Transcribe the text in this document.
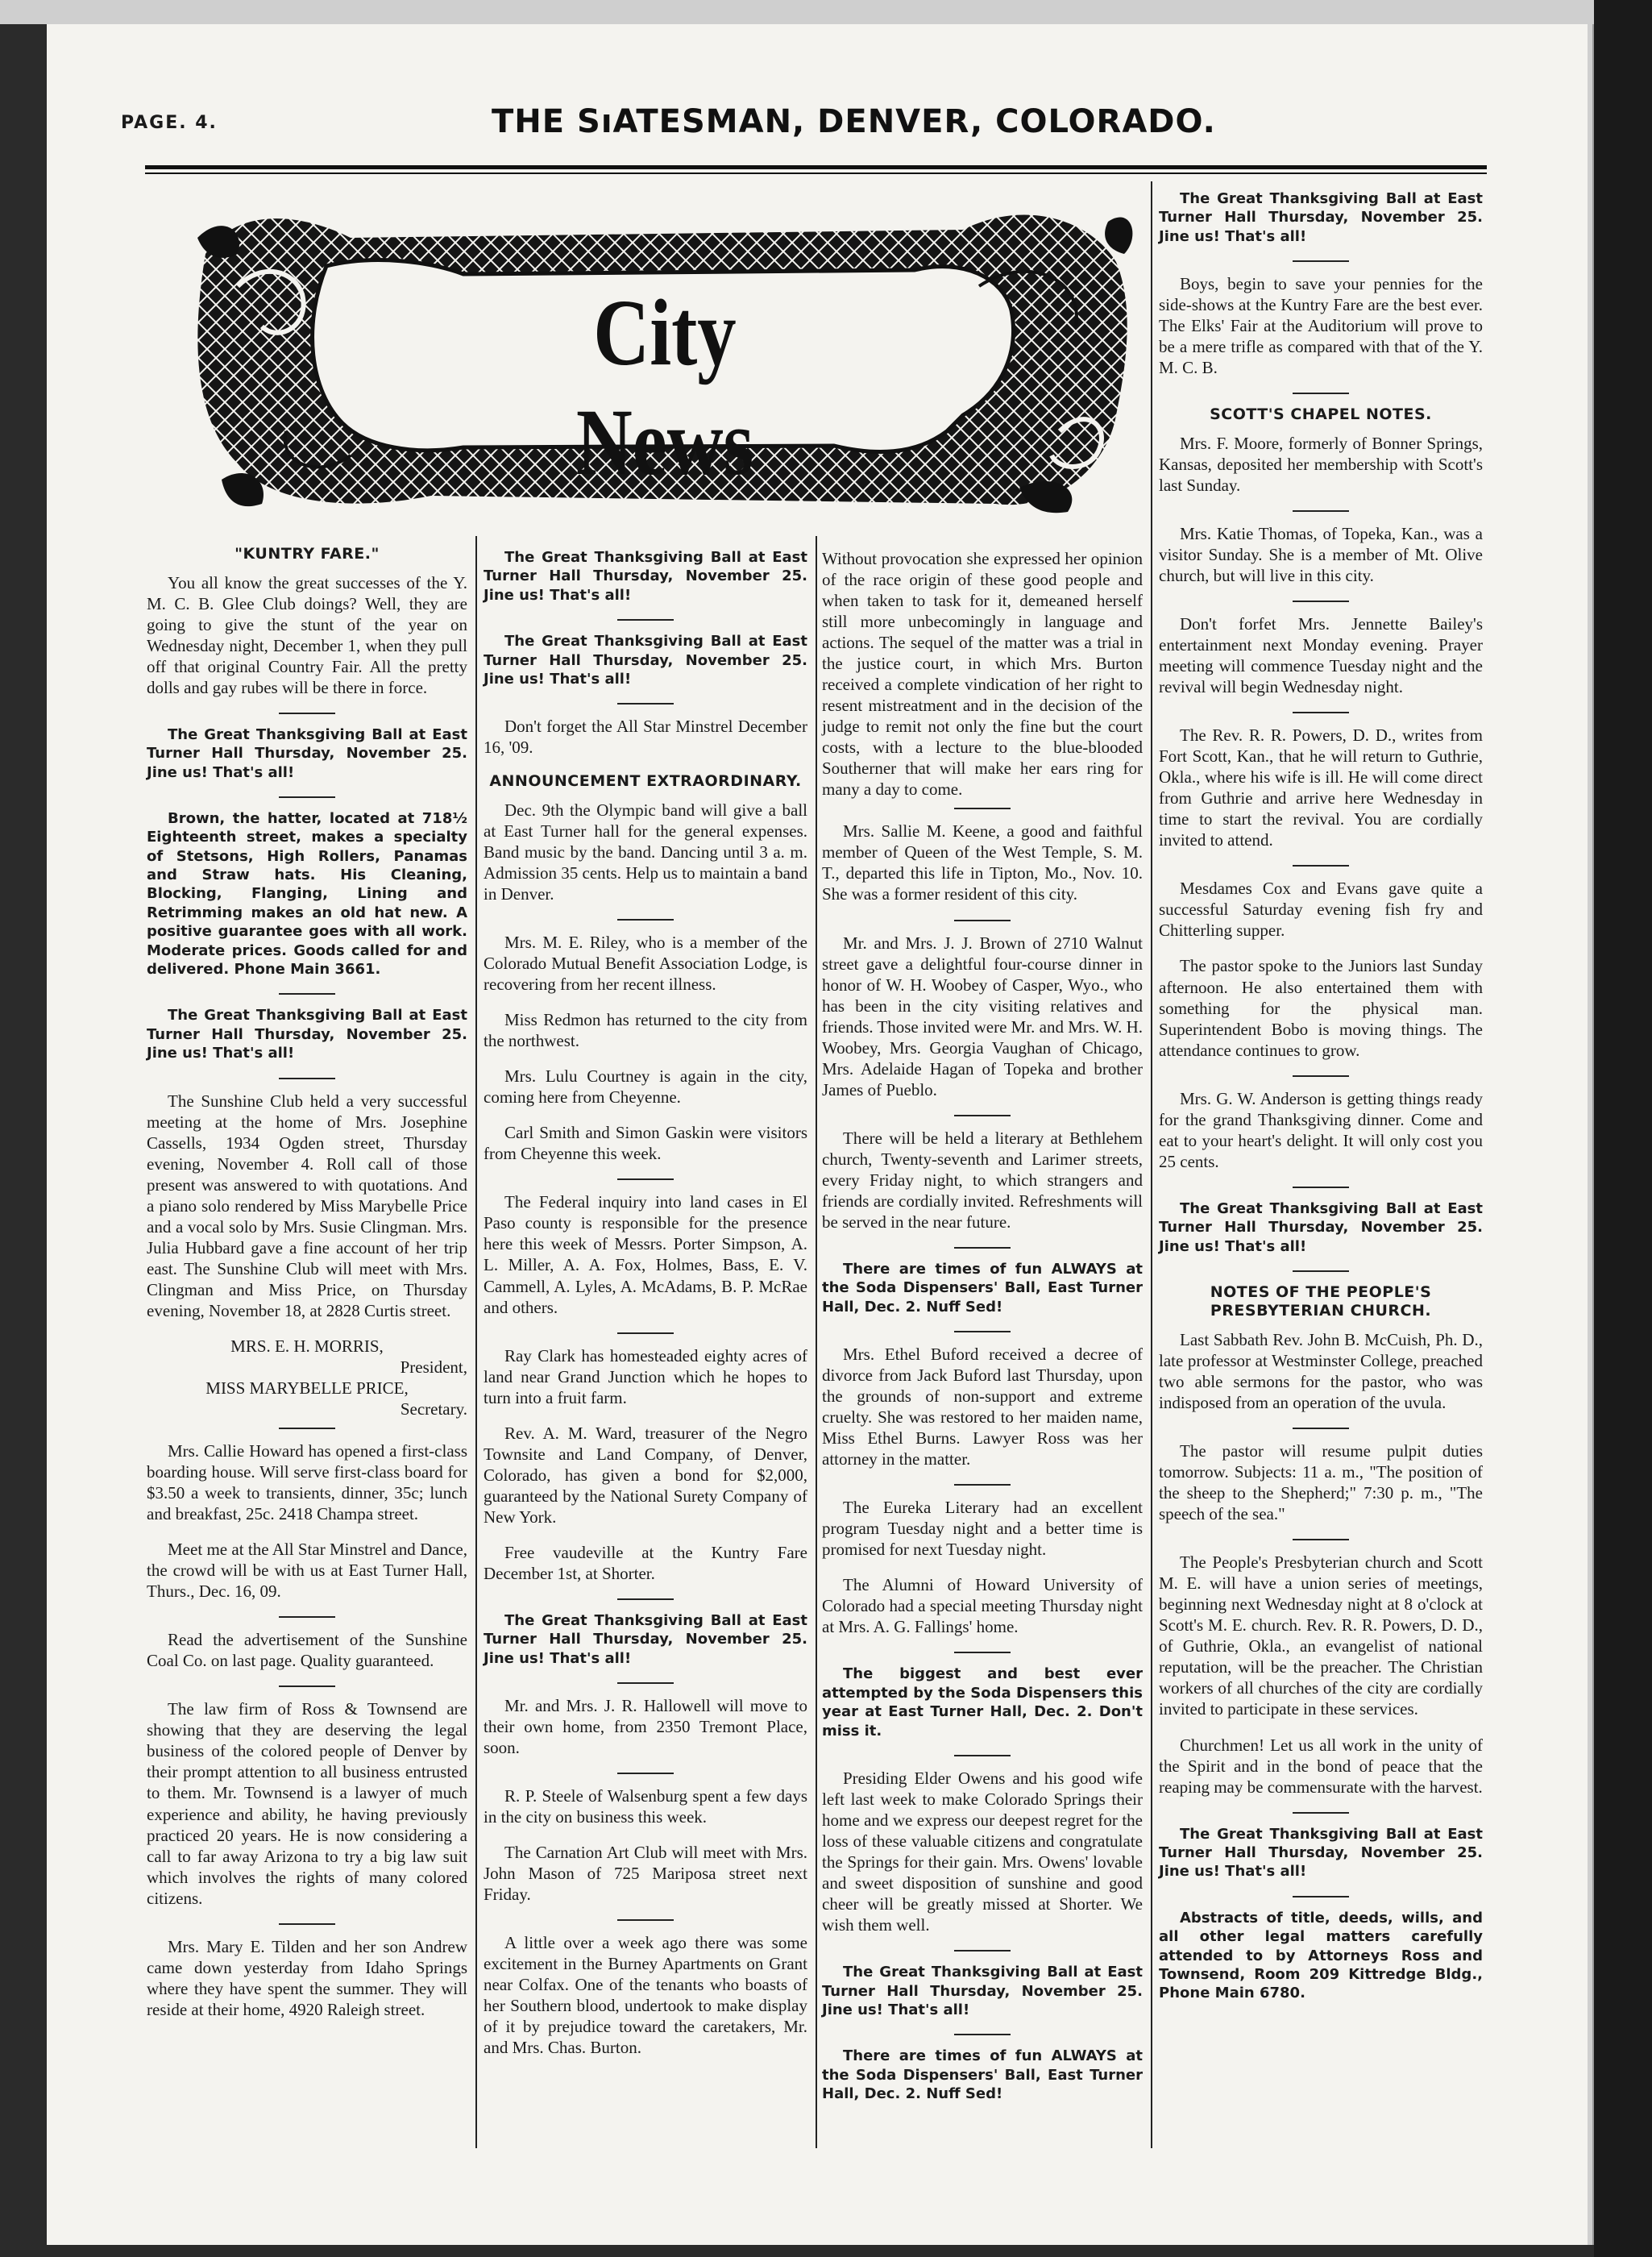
PAGE. 4.	THE SıATESMAN, DENVER, COLORADO.
City News
"KUNTRY FARE."

You all know the great successes of the Y. M. C. B. Glee Club doings? Well, they are going to give the stunt of the year on Wednesday night, December 1, when they pull off that original Country Fair. All the pretty dolls and gay rubes will be there in force.

The Great Thanksgiving Ball at East Turner Hall Thursday, November 25. Jine us! That's all!

Brown, the hatter, located at 718½ Eighteenth street, makes a specialty of Stetsons, High Rollers, Panamas and Straw hats. His Cleaning, Blocking, Flanging, Lining and Retrimming makes an old hat new. A positive guarantee goes with all work. Moderate prices. Goods called for and delivered. Phone Main 3661.

The Great Thanksgiving Ball at East Turner Hall Thursday, November 25. Jine us! That's all!

The Sunshine Club held a very successful meeting at the home of Mrs. Josephine Cassells, 1934 Ogden street, Thursday evening, November 4. Roll call of those present was answered to with quotations. And a piano solo rendered by Miss Marybelle Price and a vocal solo by Mrs. Susie Clingman. Mrs. Julia Hubbard gave a fine account of her trip east. The Sunshine Club will meet with Mrs. Clingman and Miss Price, on Thursday evening, November 18, at 2828 Curtis street.

MRS. E. H. MORRIS,

President,

MISS MARYBELLE PRICE,

Secretary.

Mrs. Callie Howard has opened a first-class boarding house. Will serve first-class board for $3.50 a week to transients, dinner, 35c; lunch and breakfast, 25c. 2418 Champa street.

Meet me at the All Star Minstrel and Dance, the crowd will be with us at East Turner Hall, Thurs., Dec. 16, 09.

Read the advertisement of the Sunshine Coal Co. on last page. Quality guaranteed.

The law firm of Ross & Townsend are showing that they are deserving the legal business of the colored people of Denver by their prompt attention to all business entrusted to them. Mr. Townsend is a lawyer of much experience and ability, he having previously practiced 20 years. He is now considering a call to far away Arizona to try a big law suit which involves the rights of many colored citizens.

Mrs. Mary E. Tilden and her son Andrew came down yesterday from Idaho Springs where they have spent the summer. They will reside at their home, 4920 Raleigh street.

The Great Thanksgiving Ball at East Turner Hall Thursday, November 25. Jine us! That's all!

The Great Thanksgiving Ball at East Turner Hall Thursday, November 25. Jine us! That's all!

Don't forget the All Star Minstrel December 16, '09.

ANNOUNCEMENT EXTRAORDINARY.

Dec. 9th the Olympic band will give a ball at East Turner hall for the general expenses. Band music by the band. Dancing until 3 a. m. Admission 35 cents. Help us to maintain a band in Denver.

Mrs. M. E. Riley, who is a member of the Colorado Mutual Benefit Association Lodge, is recovering from her recent illness.

Miss Redmon has returned to the city from the northwest.

Mrs. Lulu Courtney is again in the city, coming here from Cheyenne.

Carl Smith and Simon Gaskin were visitors from Cheyenne this week.

The Federal inquiry into land cases in El Paso county is responsible for the presence here this week of Messrs. Porter Simpson, A. L. Miller, A. A. Fox, Holmes, Bass, E. V. Cammell, A. Lyles, A. McAdams, B. P. McRae and others.

Ray Clark has homesteaded eighty acres of land near Grand Junction which he hopes to turn into a fruit farm.

Rev. A. M. Ward, treasurer of the Negro Townsite and Land Company, of Denver, Colorado, has given a bond for $2,000, guaranteed by the National Surety Company of New York.

Free vaudeville at the Kuntry Fare December 1st, at Shorter.

The Great Thanksgiving Ball at East Turner Hall Thursday, November 25. Jine us! That's all!

Mr. and Mrs. J. R. Hallowell will move to their own home, from 2350 Tremont Place, soon.

R. P. Steele of Walsenburg spent a few days in the city on business this week.

The Carnation Art Club will meet with Mrs. John Mason of 725 Mariposa street next Friday.

A little over a week ago there was some excitement in the Burney Apartments on Grant near Colfax. One of the tenants who boasts of her Southern blood, undertook to make display of it by prejudice toward the caretakers, Mr. and Mrs. Chas. Burton.

Without provocation she expressed her opinion of the race origin of these good people and when taken to task for it, demeaned herself still more unbecomingly in language and actions. The sequel of the matter was a trial in the justice court, in which Mrs. Burton received a complete vindication of her right to resent mistreatment and in the decision of the judge to remit not only the fine but the court costs, with a lecture to the blue-blooded Southerner that will make her ears ring for many a day to come.

Mrs. Sallie M. Keene, a good and faithful member of Queen of the West Temple, S. M. T., departed this life in Tipton, Mo., Nov. 10. She was a former resident of this city.

Mr. and Mrs. J. J. Brown of 2710 Walnut street gave a delightful four-course dinner in honor of W. H. Woobey of Casper, Wyo., who has been in the city visiting relatives and friends. Those invited were Mr. and Mrs. W. H. Woobey, Mrs. Georgia Vaughan of Chicago, Mrs. Adelaide Hagan of Topeka and brother James of Pueblo.

There will be held a literary at Bethlehem church, Twenty-seventh and Larimer streets, every Friday night, to which strangers and friends are cordially invited. Refreshments will be served in the near future.

There are times of fun ALWAYS at the Soda Dispensers' Ball, East Turner Hall, Dec. 2. Nuff Sed!

Mrs. Ethel Buford received a decree of divorce from Jack Buford last Thursday, upon the grounds of non-support and extreme cruelty. She was restored to her maiden name, Miss Ethel Burns. Lawyer Ross was her attorney in the matter.

The Eureka Literary had an excellent program Tuesday night and a better time is promised for next Tuesday night.

The Alumni of Howard University of Colorado had a special meeting Thursday night at Mrs. A. G. Fallings' home.

The biggest and best ever attempted by the Soda Dispensers this year at East Turner Hall, Dec. 2. Don't miss it.

Presiding Elder Owens and his good wife left last week to make Colorado Springs their home and we express our deepest regret for the loss of these valuable citizens and congratulate the Springs for their gain. Mrs. Owens' lovable and sweet disposition of sunshine and good cheer will be greatly missed at Shorter. We wish them well.

The Great Thanksgiving Ball at East Turner Hall Thursday, November 25. Jine us! That's all!

There are times of fun ALWAYS at the Soda Dispensers' Ball, East Turner Hall, Dec. 2. Nuff Sed!

The Great Thanksgiving Ball at East Turner Hall Thursday, November 25. Jine us! That's all!

Boys, begin to save your pennies for the side-shows at the Kuntry Fare are the best ever. The Elks' Fair at the Auditorium will prove to be a mere trifle as compared with that of the Y. M. C. B.

SCOTT'S CHAPEL NOTES.

Mrs. F. Moore, formerly of Bonner Springs, Kansas, deposited her membership with Scott's last Sunday.

Mrs. Katie Thomas, of Topeka, Kan., was a visitor Sunday. She is a member of Mt. Olive church, but will live in this city.

Don't forfet Mrs. Jennette Bailey's entertainment next Monday evening. Prayer meeting will commence Tuesday night and the revival will begin Wednesday night.

The Rev. R. R. Powers, D. D., writes from Fort Scott, Kan., that he will return to Guthrie, Okla., where his wife is ill. He will come direct from Guthrie and arrive here Wednesday in time to start the revival. You are cordially invited to attend.

Mesdames Cox and Evans gave quite a successful Saturday evening fish fry and Chitterling supper.

The pastor spoke to the Juniors last Sunday afternoon. He also entertained them with something for the physical man. Superintendent Bobo is moving things. The attendance continues to grow.

Mrs. G. W. Anderson is getting things ready for the grand Thanksgiving dinner. Come and eat to your heart's delight. It will only cost you 25 cents.

The Great Thanksgiving Ball at East Turner Hall Thursday, November 25. Jine us! That's all!

NOTES OF THE PEOPLE'S PRESBYTERIAN CHURCH.

Last Sabbath Rev. John B. McCuish, Ph. D., late professor at Westminster College, preached two able sermons for the pastor, who was indisposed from an operation of the uvula.

The pastor will resume pulpit duties tomorrow. Subjects: 11 a. m., "The position of the sheep to the Shepherd;" 7:30 p. m., "The speech of the sea."

The People's Presbyterian church and Scott M. E. will have a union series of meetings, beginning next Wednesday night at 8 o'clock at Scott's M. E. church. Rev. R. R. Powers, D. D., of Guthrie, Okla., an evangelist of national reputation, will be the preacher. The Christian workers of all churches of the city are cordially invited to participate in these services.

Churchmen! Let us all work in the unity of the Spirit and in the bond of peace that the reaping may be commensurate with the harvest.

The Great Thanksgiving Ball at East Turner Hall Thursday, November 25. Jine us! That's all!

Abstracts of title, deeds, wills, and all other legal matters carefully attended to by Attorneys Ross and Townsend, Room 209 Kittredge Bldg., Phone Main 6780.
